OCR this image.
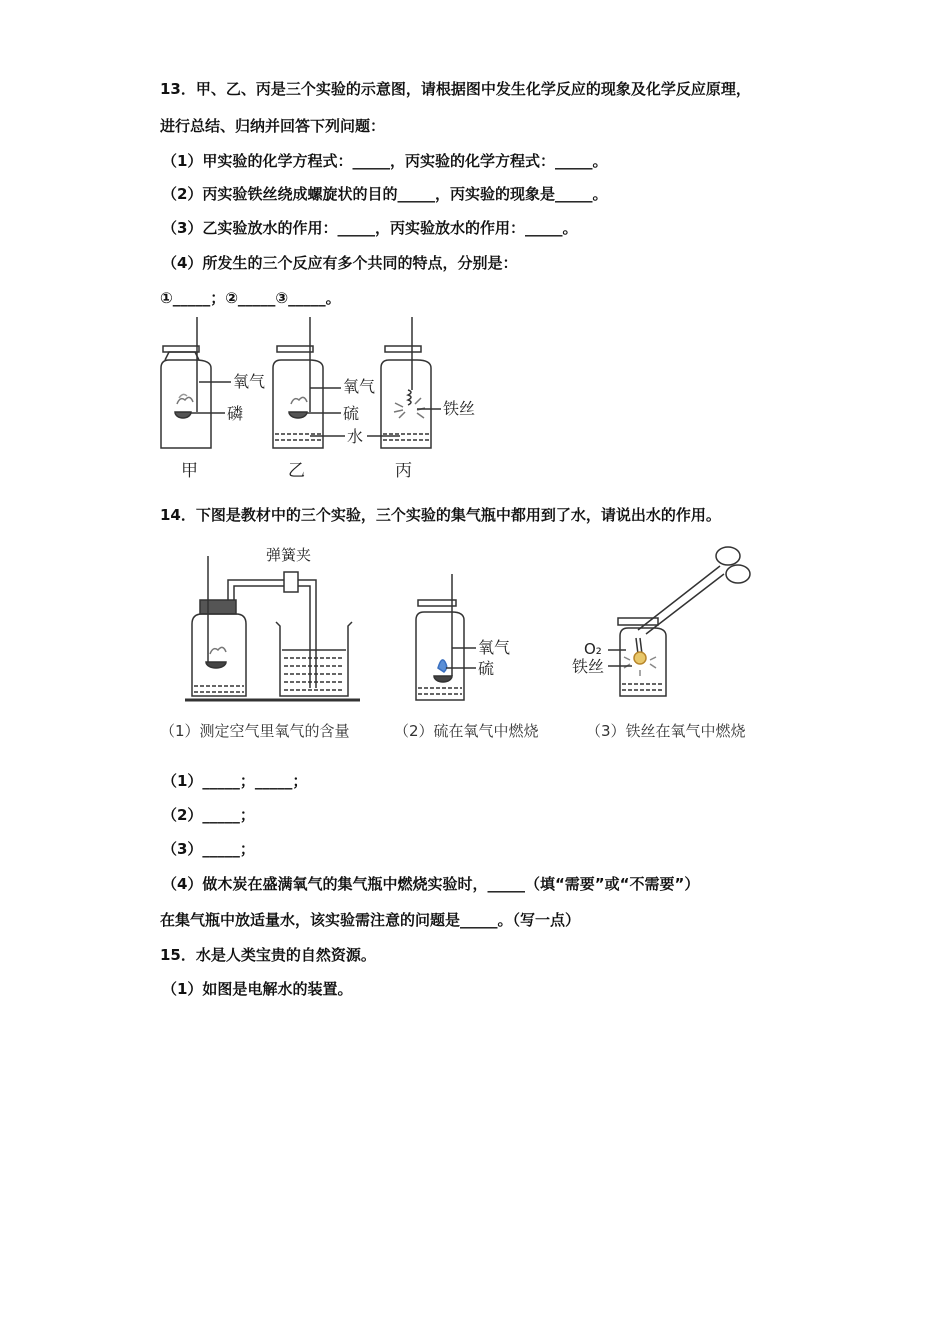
13．甲、乙、丙是三个实验的示意图，请根据图中发生化学反应的现象及化学反应原理，
进行总结、归纳并回答下列问题：
（1）甲实验的化学方程式：_____，丙实验的化学方程式：_____。
（2）丙实验铁丝绕成螺旋状的目的_____，丙实验的现象是_____。
（3）乙实验放水的作用：_____，丙实验放水的作用：_____。
（4）所发生的三个反应有多个共同的特点，分别是：
①_____；②_____③_____。
氧气
磷
氧气
硫
水
铁丝
甲	乙	丙
14．下图是教材中的三个实验，三个实验的集气瓶中都用到了水，请说出水的作用。
弹簧夹
氧气
硫
O₂
铁丝
（1）测定空气里氧气的含量	（2）硫在氧气中燃烧	（3）铁丝在氧气中燃烧
（1）_____；_____；
（2）_____；
（3）_____；
（4）做木炭在盛满氧气的集气瓶中燃烧实验时，_____（填“需要”或“不需要”）
在集气瓶中放适量水，该实验需注意的问题是_____。（写一点）
15．水是人类宝贵的自然资源。
（1）如图是电解水的装置。
